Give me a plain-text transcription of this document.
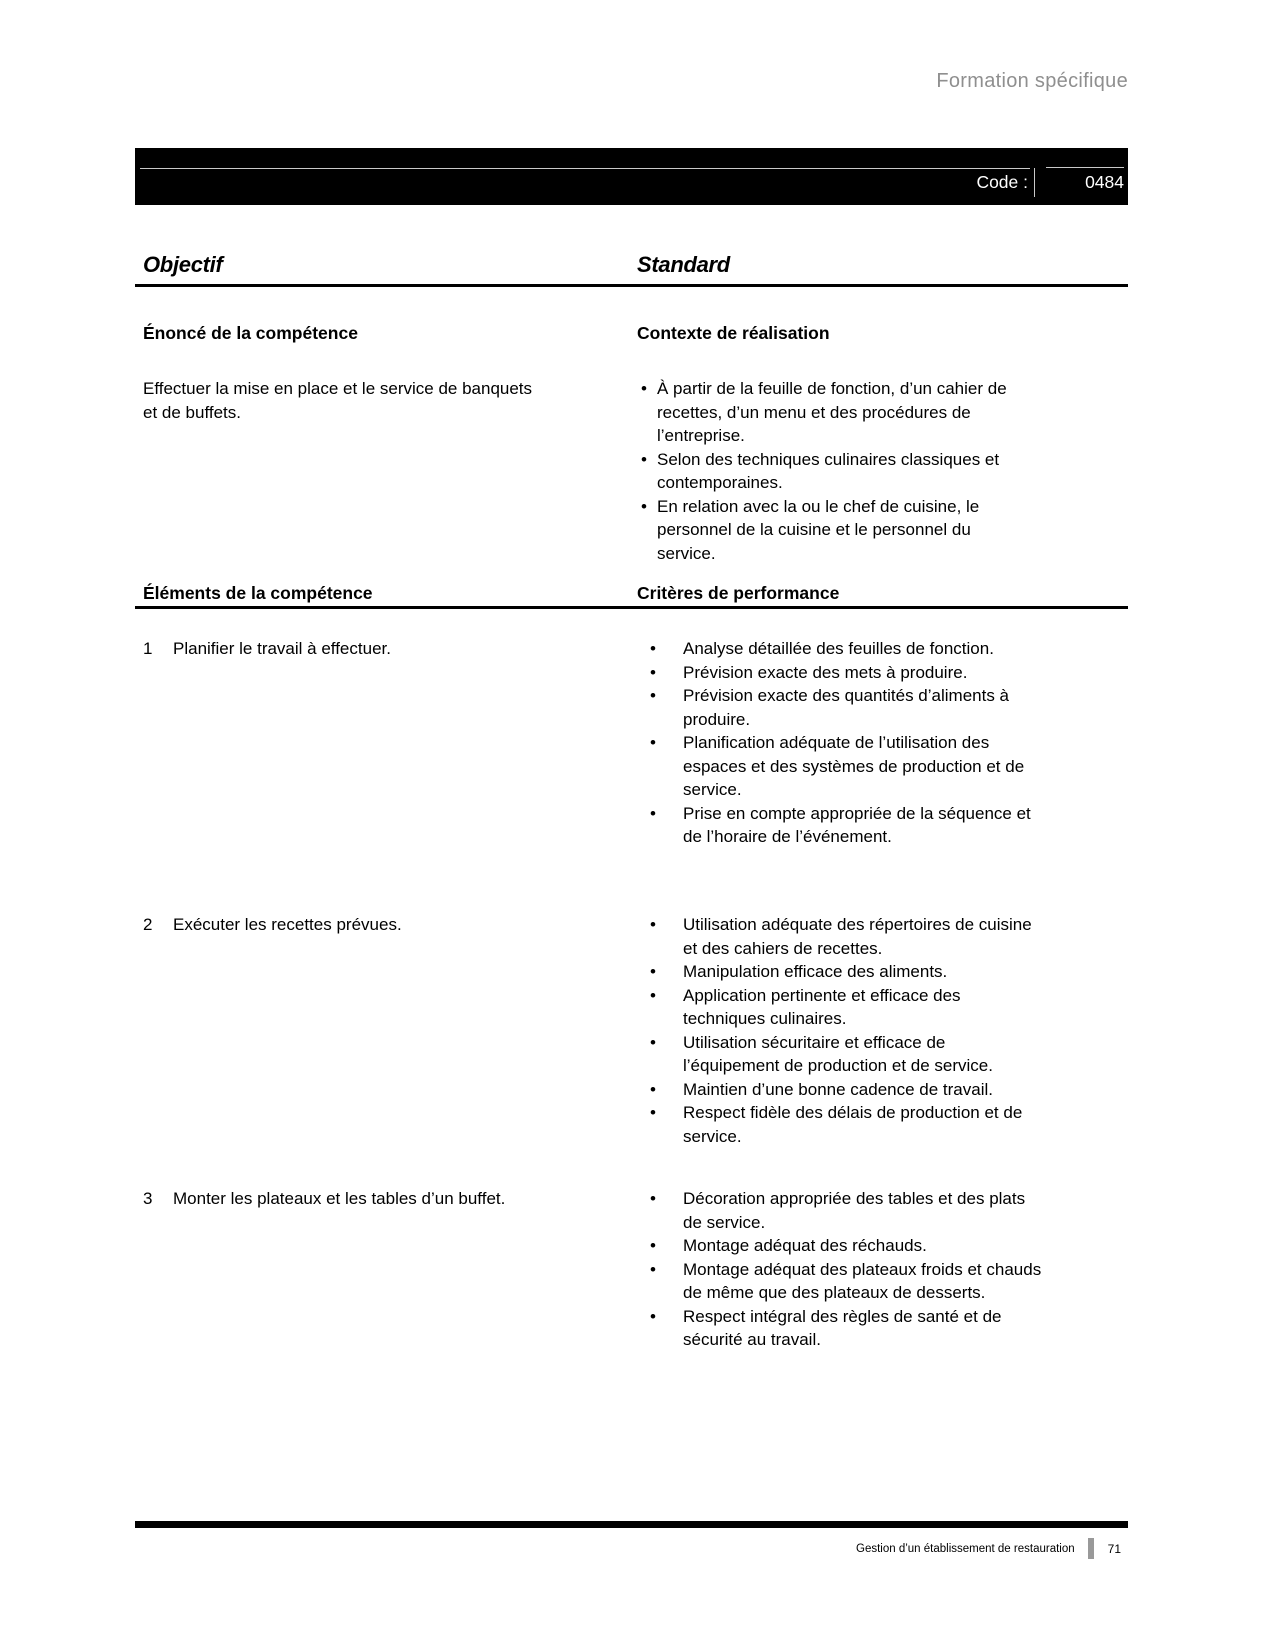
Formation spécifique
Code :	0484
Objectif	Standard
Énoncé de la compétence	Contexte de réalisation
Effectuer la mise en place et le service de banquets
et de buffets.
• À partir de la feuille de fonction, d’un cahier de
recettes, d’un menu et des procédures de
l’entreprise.
• Selon des techniques culinaires classiques et
contemporaines.
• En relation avec la ou le chef de cuisine, le
personnel de la cuisine et le personnel du
service.
Éléments de la compétence	Critères de performance
1	Planifier le travail à effectuer.	• Analyse détaillée des feuilles de fonction.
• Prévision exacte des mets à produire.
• Prévision exacte des quantités d’aliments à
produire.
• Planification adéquate de l’utilisation des
espaces et des systèmes de production et de
service.
• Prise en compte appropriée de la séquence et
de l’horaire de l’événement.
2	Exécuter les recettes prévues.	• Utilisation adéquate des répertoires de cuisine
et des cahiers de recettes.
• Manipulation efficace des aliments.
• Application pertinente et efficace des
techniques culinaires.
• Utilisation sécuritaire et efficace de
l’équipement de production et de service.
• Maintien d’une bonne cadence de travail.
• Respect fidèle des délais de production et de
service.
3	Monter les plateaux et les tables d’un buffet.	• Décoration appropriée des tables et des plats
de service.
• Montage adéquat des réchauds.
• Montage adéquat des plateaux froids et chauds
de même que des plateaux de desserts.
• Respect intégral des règles de santé et de
sécurité au travail.
Gestion d’un établissement de restauration	71
